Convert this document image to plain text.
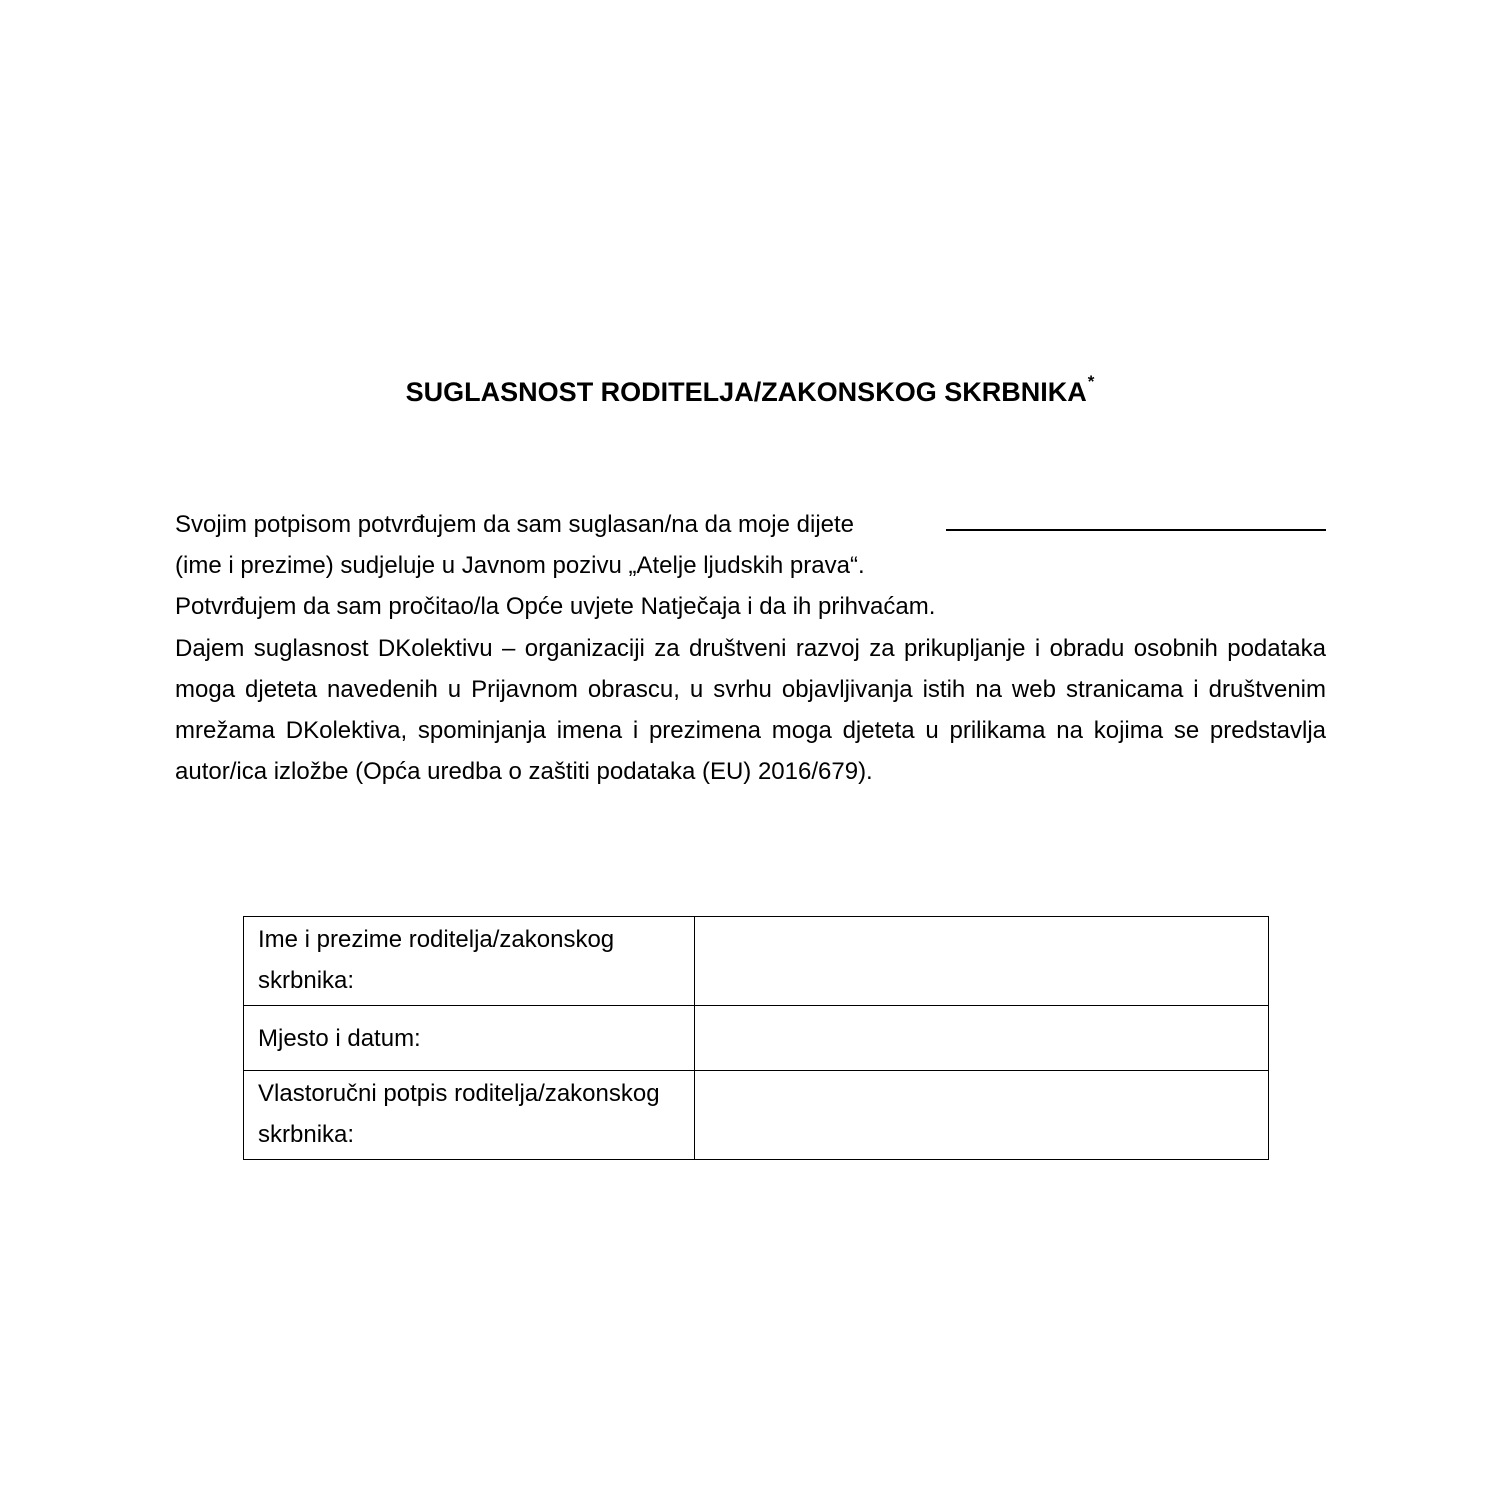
SUGLASNOST RODITELJA/ZAKONSKOG SKRBNIKA*

Svojim potpisom potvrđujem da sam suglasan/na da moje dijete

(ime i prezime) sudjeluje u Javnom pozivu „Atelje ljudskih prava“.

Potvrđujem da sam pročitao/la Opće uvjete Natječaja i da ih prihvaćam.

Dajem suglasnost DKolektivu – organizaciji za društveni razvoj za prikupljanje i obradu osobnih podataka moga djeteta navedenih u Prijavnom obrascu, u svrhu objavljivanja istih na web stranicama i društvenim mrežama DKolektiva, spominjanja imena i prezimena moga djeteta u prilikama na kojima se predstavlja autor/ica izložbe (Opća uredba o zaštiti podataka (EU) 2016/679).

Ime i prezime roditelja/zakonskog skrbnika:	
Mjesto i datum:	
Vlastoručni potpis roditelja/zakonskog skrbnika:	
